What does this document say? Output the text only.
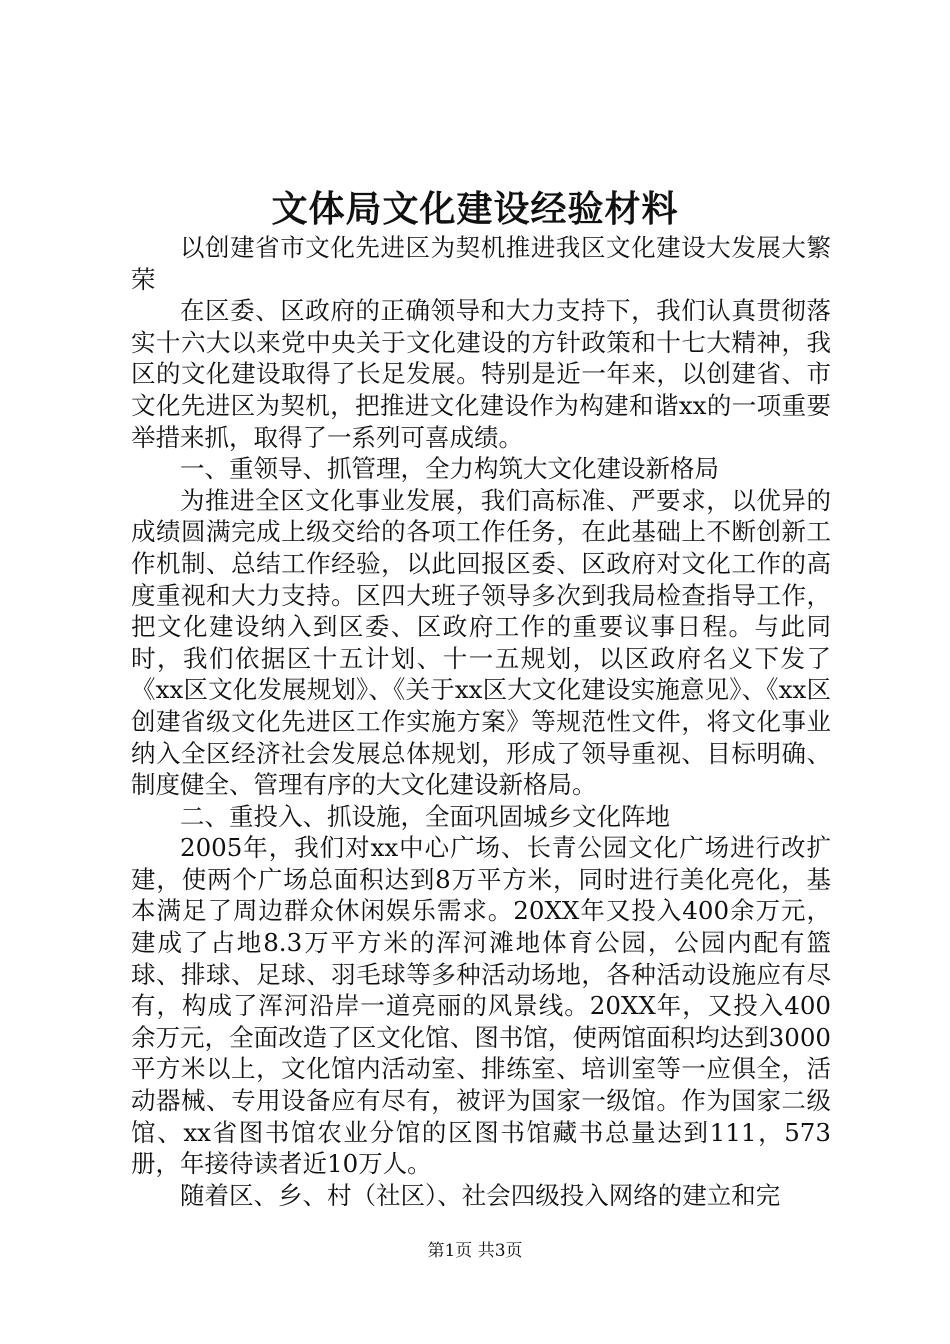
文体局文化建设经验材料

以创建省市文化先进区为契机推进我区文化建设大发展大繁荣

在区委、区政府的正确领导和大力支持下，我们认真贯彻落实十六大以来党中央关于文化建设的方针政策和十七大精神，我区的文化建设取得了长足发展。特别是近一年来，以创建省、市文化先进区为契机，把推进文化建设作为构建和谐xx的一项重要举措来抓，取得了一系列可喜成绩。

一、重领导、抓管理，全力构筑大文化建设新格局

为推进全区文化事业发展，我们高标准、严要求，以优异的成绩圆满完成上级交给的各项工作任务，在此基础上不断创新工作机制、总结工作经验，以此回报区委、区政府对文化工作的高度重视和大力支持。区四大班子领导多次到我局检查指导工作，把文化建设纳入到区委、区政府工作的重要议事日程。与此同时，我们依据区十五计划、十一五规划，以区政府名义下发了《xx区文化发展规划》、《关于xx区大文化建设实施意见》、《xx区创建省级文化先进区工作实施方案》等规范性文件，将文化事业纳入全区经济社会发展总体规划，形成了领导重视、目标明确、制度健全、管理有序的大文化建设新格局。

二、重投入、抓设施，全面巩固城乡文化阵地

2005年，我们对xx中心广场、长青公园文化广场进行改扩建，使两个广场总面积达到8万平方米，同时进行美化亮化，基本满足了周边群众休闲娱乐需求。20XX年又投入400余万元，建成了占地8.3万平方米的浑河滩地体育公园，公园内配有篮球、排球、足球、羽毛球等多种活动场地，各种活动设施应有尽有，构成了浑河沿岸一道亮丽的风景线。20XX年，又投入400余万元，全面改造了区文化馆、图书馆，使两馆面积均达到3000平方米以上，文化馆内活动室、排练室、培训室等一应俱全，活动器械、专用设备应有尽有，被评为国家一级馆。作为国家二级馆、xx省图书馆农业分馆的区图书馆藏书总量达到111，573册，年接待读者近10万人。

随着区、乡、村（社区）、社会四级投入网络的建立和完

第1页 共3页
